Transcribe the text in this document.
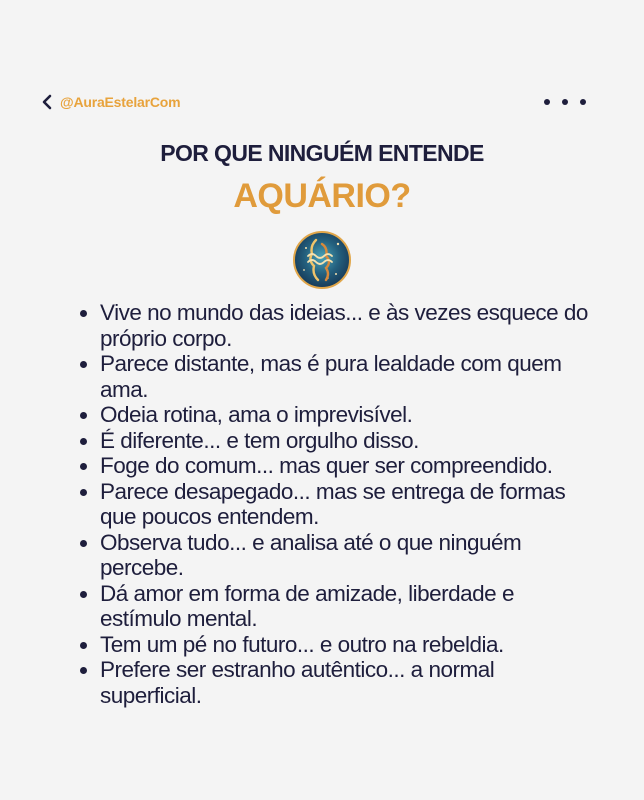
@AuraEstelarCom
POR QUE NINGUÉM ENTENDE
AQUÁRIO?
Vive no mundo das ideias... e às vezes esquece do próprio corpo.
Parece distante, mas é pura lealdade com quem ama.
Odeia rotina, ama o imprevisível.
É diferente... e tem orgulho disso.
Foge do comum... mas quer ser compreendido.
Parece desapegado... mas se entrega de formas que poucos entendem.
Observa tudo... e analisa até o que ninguém percebe.
Dá amor em forma de amizade, liberdade e estímulo mental.
Tem um pé no futuro... e outro na rebeldia.
Prefere ser estranho autêntico... a normal superficial.
